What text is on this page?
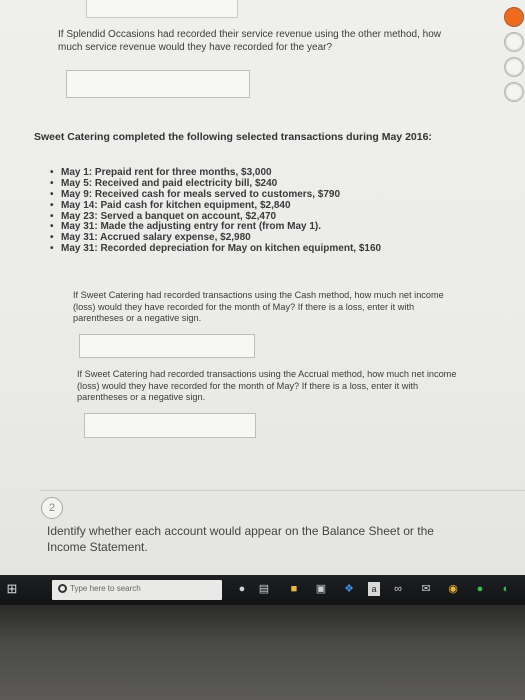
If Splendid Occasions had recorded their service revenue using the other method, how much service revenue would they have recorded for the year?
Sweet Catering completed the following selected transactions during May 2016:
• May 1: Prepaid rent for three months, $3,000
• May 5: Received and paid electricity bill, $240
• May 9: Received cash for meals served to customers, $790
• May 14: Paid cash for kitchen equipment, $2,840
• May 23: Served a banquet on account, $2,470
• May 31: Made the adjusting entry for rent (from May 1).
• May 31: Accrued salary expense, $2,980
• May 31: Recorded depreciation for May on kitchen equipment, $160
If Sweet Catering had recorded transactions using the Cash method, how much net income (loss) would they have recorded for the month of May? If there is a loss, enter it with parentheses or a negative sign.
If Sweet Catering had recorded transactions using the Accrual method, how much net income (loss) would they have recorded for the month of May? If there is a loss, enter it with parentheses or a negative sign.
2
Identify whether each account would appear on the Balance Sheet or the Income Statement.
⊞	Type here to search	● ▤ ■ ▣ ❖	a	∞ ✉ ◉ ● ◐
